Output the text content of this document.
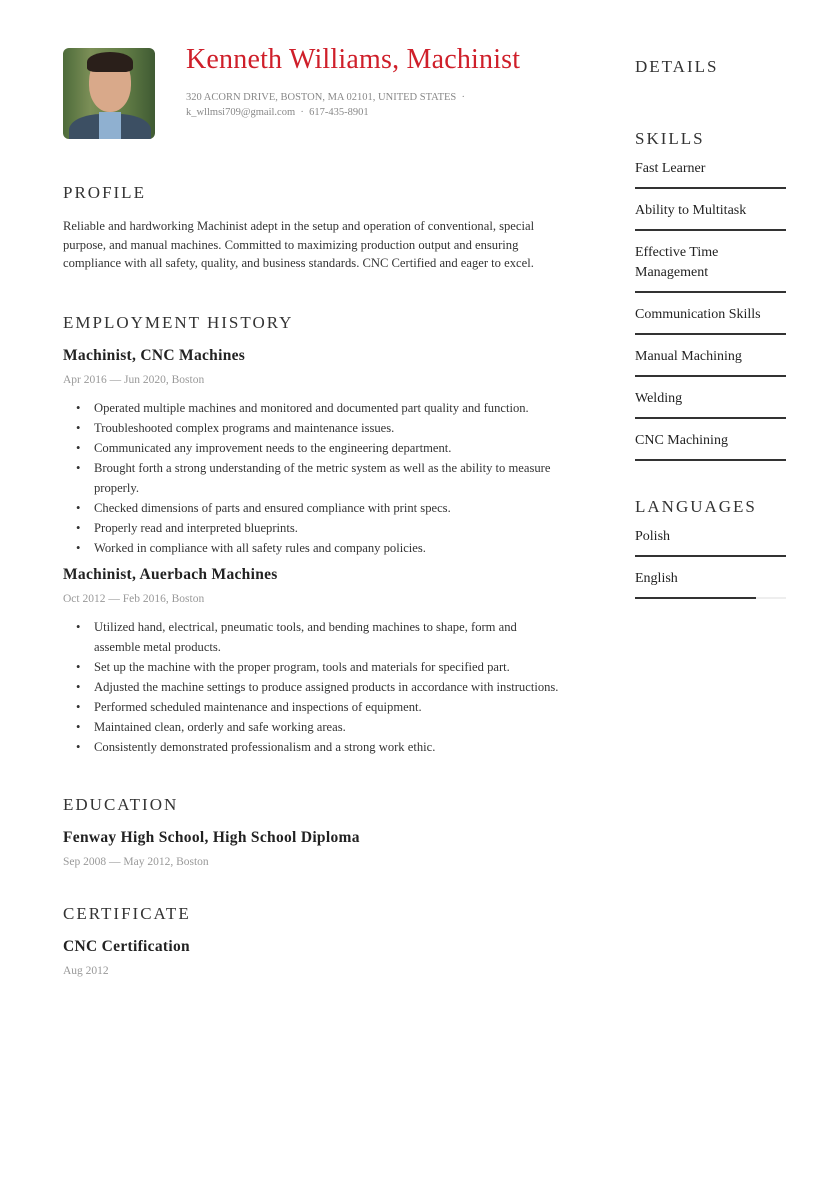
Kenneth Williams, Machinist
320 ACORN DRIVE, BOSTON, MA 02101, UNITED STATES ·
k_wllmsi709@gmail.com · 617-435-8901
PROFILE
Reliable and hardworking Machinist adept in the setup and operation of conventional, special purpose, and manual machines. Committed to maximizing production output and ensuring compliance with all safety, quality, and business standards. CNC Certified and eager to excel.
EMPLOYMENT HISTORY
Machinist, CNC Machines
Apr 2016 — Jun 2020, Boston
• Operated multiple machines and monitored and documented part quality and function.
• Troubleshooted complex programs and maintenance issues.
• Communicated any improvement needs to the engineering department.
• Brought forth a strong understanding of the metric system as well as the ability to measure properly.
• Checked dimensions of parts and ensured compliance with print specs.
• Properly read and interpreted blueprints.
• Worked in compliance with all safety rules and company policies.
Machinist, Auerbach Machines
Oct 2012 — Feb 2016, Boston
• Utilized hand, electrical, pneumatic tools, and bending machines to shape, form and assemble metal products.
• Set up the machine with the proper program, tools and materials for specified part.
• Adjusted the machine settings to produce assigned products in accordance with instructions.
• Performed scheduled maintenance and inspections of equipment.
• Maintained clean, orderly and safe working areas.
• Consistently demonstrated professionalism and a strong work ethic.
EDUCATION
Fenway High School, High School Diploma
Sep 2008 — May 2012, Boston
CERTIFICATE
CNC Certification
Aug 2012
DETAILS
SKILLS
Fast Learner
Ability to Multitask
Effective Time Management
Communication Skills
Manual Machining
Welding
CNC Machining
LANGUAGES
Polish
English
